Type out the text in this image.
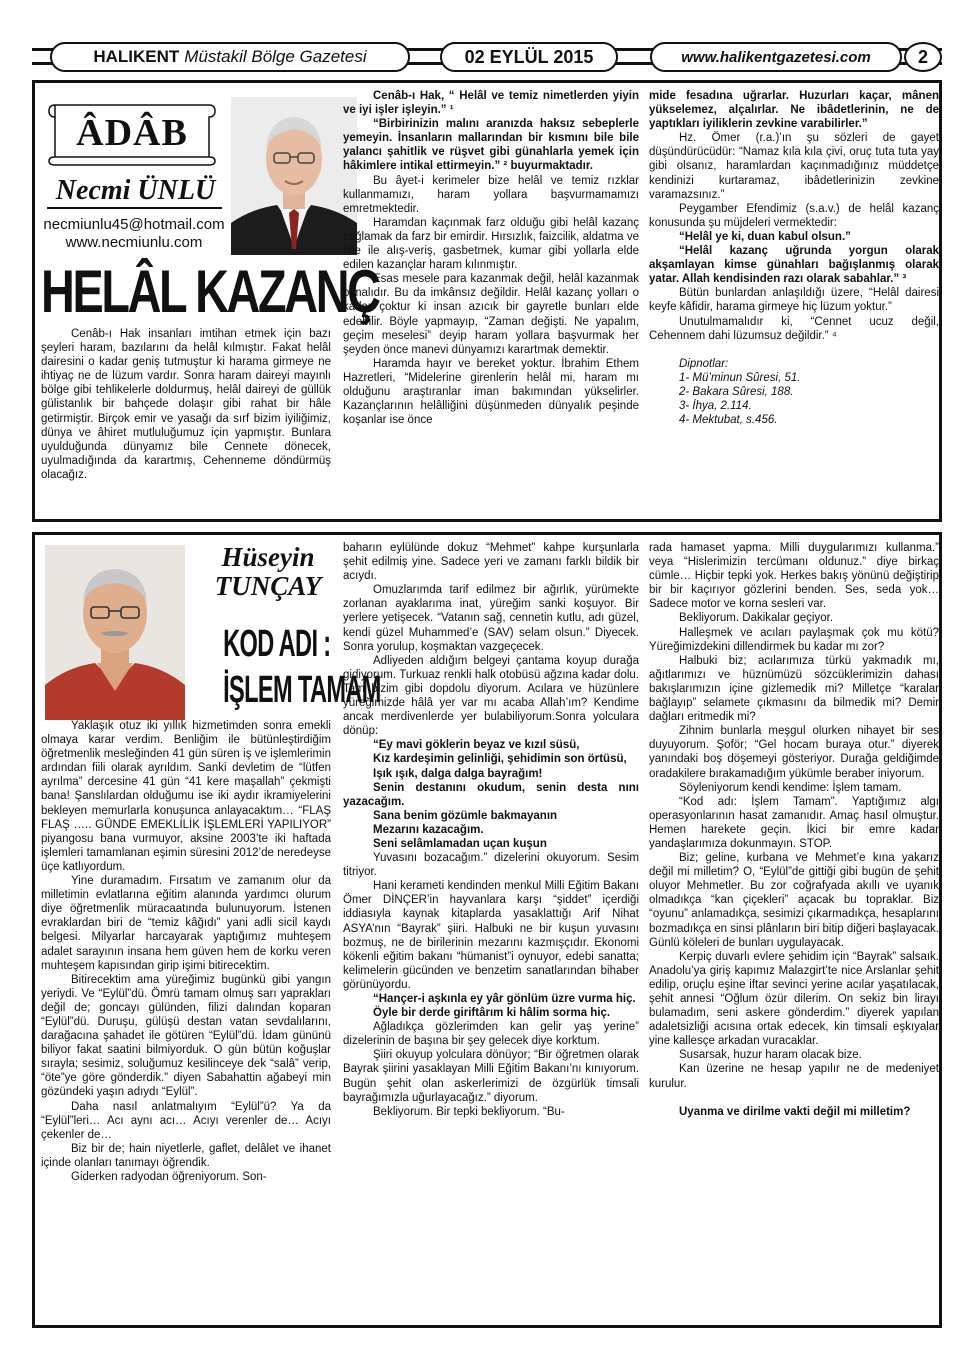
HALIKENT Müstakil Bölge Gazetesi	02 EYLÜL 2015	www.halikentgazetesi.com	2
ÂDÂB
Necmi ÜNLÜ
necmiunlu45@hotmail.com
www.necmiunlu.com
HELÂL KAZANÇ

Cenâb-ı Hak insanları imtihan etmek için bazı şeyleri haram, bazılarını da helâl kılmıştır. Fakat helâl dairesini o kadar geniş tutmuştur ki harama girmeye ne ihtiyaç ne de lüzum vardır. Sonra haram daireyi mayınlı bölge gibi tehlikelerle doldurmuş, helâl daireyi de güllük gülistanlık bir bahçede dolaşır gibi rahat bir hâle getirmiştir. Birçok emir ve yasağı da sırf bizim iyiliğimiz, dünya ve âhiret mutluluğumuz için yapmıştır. Bunlara uyulduğunda dünyamız bile Cennete dönecek, uyulmadığında da karartmış, Cehenneme döndürmüş olacağız.

Cenâb-ı Hak, “ Helâl ve temiz nimetlerden yiyin ve iyi işler işleyin.” ¹

“Birbirinizin malını aranızda haksız sebeplerle yemeyin. İnsanların mallarından bir kısmını bile bile yalancı şahitlik ve rüşvet gibi günahlarla yemek için hâkimlere intikal ettirmeyin.” ² buyurmaktadır.

Bu âyet-i kerimeler bize helâl ve temiz rızklar kullanmamızı, haram yollara başvurmamamızı emretmektedir.

Haramdan kaçınmak farz olduğu gibi helâl kazanç sağlamak da farz bir emirdir. Hırsızlık, faizcilik, aldatma ve hile ile alış-veriş, gasbetmek, kumar gibi yollarla elde edilen kazançlar haram kılınmıştır.

Esas mesele para kazanmak değil, helâl kazanmak olmalıdır. Bu da imkânsız değildir. Helâl kazanç yolları o kadar çoktur ki insan azıcık bir gayretle bunları elde edebilir. Böyle yapmayıp, “Zaman değişti. Ne yapalım, geçim meselesi” deyip haram yollara başvurmak her şeyden önce manevi dünyamızı karartmak demektir.

Haramda hayır ve bereket yoktur. İbrahim Ethem Hazretleri, “Midelerine girenlerin helâl mi, haram mı olduğunu araştıranlar iman bakımından yükselirler. Kazançlarının helâlliğini düşünmeden dünyalık peşinde koşanlar ise önce

mide fesadına uğrarlar. Huzurları kaçar, mânen yükselemez, alçalırlar. Ne ibâdetlerinin, ne de yaptıkları iyiliklerin zevkine varabilirler.”

Hz. Ömer (r.a.)’ın şu sözleri de gayet düşündürücüdür: “Namaz kıla kıla çivi, oruç tuta tuta yay gibi olsanız, haramlardan kaçınmadığınız müddetçe kendinizi kurtaramaz, ibâdetlerinizin zevkine varamazsınız.”

Peygamber Efendimiz (s.a.v.) de helâl kazanç konusunda şu müjdeleri vermektedir:

“Helâl ye ki, duan kabul olsun.”

“Helâl kazanç uğrunda yorgun olarak akşamlayan kimse günahları bağışlanmış olarak yatar. Allah kendisinden razı olarak sabahlar.” ³

Bütün bunlardan anlaşıldığı üzere, “Helâl dairesi keyfe kâfidir, harama girmeye hiç lüzum yoktur.”

Unutulmamalıdır ki, “Cennet ucuz değil, Cehennem dahi lüzumsuz değildir.” ⁴

Dipnotlar:

1- Mü’minun Sûresi, 51.

2- Bakara Sûresi, 188.

3- İhya, 2.114.

4- Mektubat, s.456.

Hüseyin
TUNÇAY
KOD ADI :
İŞLEM TAMAM

Yaklaşık otuz iki yıllık hizmetimden sonra emekli olmaya karar verdim. Benliğim ile bütünleştirdiğim öğretmenlik mesleğinden 41 gün süren iş ve işlemlerimin ardından fiili olarak ayrıldım. Sanki devletim de “lütfen ayrılma” dercesine 41 gün “41 kere maşallah” çekmişti bana! Şanslılardan olduğumu ise iki aydır ikramiyelerini bekleyen memurlarla konuşunca anlayacaktım… “FLAŞ FLAŞ ….. GÜNDE EMEKLİLİK İŞLEMLERİ YAPILIYOR” piyangosu bana vurmuyor, aksine 2003’te iki haftada işlemleri tamamlanan eşimin süresini 2012’de neredeyse üçe katlıyordum.

Yine duramadım. Fırsatım ve zamanım olur da milletimin evlatlarına eğitim alanında yardımcı olurum diye öğretmenlik müracaatında bulunuyorum. İstenen evraklardan biri de “temiz kâğıdı” yani adli sicil kaydı belgesi. Milyarlar harcayarak yaptığımız muhteşem adalet sarayının insana hem güven hem de korku veren muhteşem kapısından girip işimi bitirecektim.

Bitirecektim ama yüreğimiz bugünkü gibi yangın yeriydi. Ve “Eylül”dü. Ömrü tamam olmuş sarı yaprakları değil de; goncayı gülünden, filizi dalından koparan “Eylül”dü. Duruşu, gülüşü destan vatan sevdalılarını, darağacına şahadet ile götüren “Eylül”dü. İdam gününü biliyor fakat saatini bilmiyorduk. O gün bütün koğuşlar sırayla; sesimiz, soluğumuz kesilinceye dek “salâ” verip, “öte”ye göre gönderdik.” diyen Sabahattin ağabeyi min gözündeki yaşın adıydı “Eylül”.

Daha nasıl anlatmalıyım “Eylül”ü? Ya da “Eylül”leri… Acı aynı acı… Acıyı verenler de… Acıyı çekenler de…

Biz bir de; hain niyetlerle, gaflet, delâlet ve ihanet içinde olanları tanımayı öğrendik.

Giderken radyodan öğreniyorum. Son-

baharın eylülünde dokuz “Mehmet” kahpe kurşunlarla şehit edilmiş yine. Sadece yeri ve zamanı farklı bildik bir acıydı.

Omuzlarımda tarif edilmez bir ağırlık, yürümekte zorlanan ayaklarıma inat, yüreğim sanki koşuyor. Bir yerlere yetişecek. “Vatanın sağ, cennetin kutlu, adı güzel, kendi güzel Muhammed’e (SAV) selam olsun.” Diyecek. Sonra yorulup, koşmaktan vazgeçecek.

Adliyeden aldığım belgeyi çantama koyup durağa gidiyorum. Turkuaz renkli halk otobüsü ağzına kadar dolu. Tam bizim gibi dopdolu diyorum. Acılara ve hüzünlere yüreğimizde hâlâ yer var mı acaba Allah’ım? Kendime ancak merdivenlerde yer bulabiliyorum.Sonra yolculara dönüp:

“Ey mavi göklerin beyaz ve kızıl süsü,

Kız kardeşimin gelinliği, şehidimin son örtüsü,

Işık ışık, dalga dalga bayrağım!

Senin destanını okudum, senin desta nını yazacağım.

Sana benim gözümle bakmayanın

Mezarını kazacağım.

Seni selâmlamadan uçan kuşun

Yuvasını bozacağım.” dizelerini okuyorum. Sesim titriyor.

Hani kerameti kendinden menkul Milli Eğitim Bakanı Ömer DİNÇER’in hayvanlara karşı “şiddet” içerdiği iddiasıyla kaynak kitaplarda yasaklattığı Arif Nihat ASYA’nın “Bayrak” şiiri. Halbuki ne bir kuşun yuvasını bozmuş, ne de birilerinin mezarını kazmışçıdır. Ekonomi kökenli eğitim bakanı “hümanist”i oynuyor, edebi sanatta; kelimelerin gücünden ve benzetim sanatlarından bihaber görünüyordu.

“Hançer-i aşkınla ey yâr gönlüm üzre vurma hiç.

Öyle bir derde giriftârım ki hâlim sorma hiç.

Ağladıkça gözlerimden kan gelir yaş yerine” dizelerinin de başına bir şey gelecek diye korktum.

Şiiri okuyup yolculara dönüyor; “Bir öğretmen olarak Bayrak şiirini yasaklayan Milli Eğitim Bakanı’nı kınıyorum. Bugün şehit olan askerlerimizi de özgürlük timsali bayrağımızla uğurlayacağız.” diyorum.

Bekliyorum. Bir tepki bekliyorum. “Bu-

rada hamaset yapma. Milli duygularımızı kullanma.” veya “Hislerimizin tercümanı oldunuz.” diye birkaç cümle… Hiçbir tepki yok. Herkes bakış yönünü değiştirip bir bir kaçırıyor gözlerini benden. Ses, seda yok… Sadece motor ve korna sesleri var.

Bekliyorum. Dakikalar geçiyor.

Halleşmek ve acıları paylaşmak çok mu kötü? Yüreğimizdekini dillendirmek bu kadar mı zor?

Halbuki biz; acılarımıza türkü yakmadık mı, ağıtlarımızı ve hüznümüzü sözcüklerimizin dahası bakışlarımızın içine gizlemedik mi? Milletçe “karalar bağlayıp” selamete çıkmasını da bilmedik mi? Demir dağları eritmedik mi?

Zihnim bunlarla meşgul olurken nihayet bir ses duyuyorum. Şoför; “Gel hocam buraya otur.” diyerek yanındaki boş döşemeyi gösteriyor. Durağa geldiğimde oradakilere bırakamadığım yükümle beraber iniyorum.

Söyleniyorum kendi kendime: İşlem tamam.

“Kod adı: İşlem Tamam”. Yaptığımız algı operasyonlarının hasat zamanıdır. Amaç hasıl olmuştur. Hemen harekete geçin. İkici bir emre kadar yandaşlarımıza dokunmayın. STOP.

Biz; geline, kurbana ve Mehmet’e kına yakarız değil mi milletim? O, “Eylül”de gittiği gibi bugün de şehit oluyor Mehmetler. Bu zor coğrafyada akıllı ve uyanık olmadıkça “kan çiçekleri” açacak bu topraklar. Biz “oyunu” anlamadıkça, sesimizi çıkarmadıkça, hesaplarını bozmadıkça en sinsi plânların biri bitip diğeri başlayacak. Günlü köleleri de bunları uygulayacak.

Kerpiç duvarlı evlere şehidim için “Bayrak” salsaık. Anadolu’ya giriş kapımız Malazgirt’te nice Arslanlar şehit edilip, oruçlu eşine iftar sevinci yerine acılar yaşatılacak, şehit annesi “Oğlum özür dilerim. On sekiz bin lirayı bulamadım, seni askere gönderdim.” diyerek yapılan adaletsizliği acısına ortak edecek, kin timsali eşkıyalar yine kallesçe arkadan vuracaklar.

Susarsak, huzur haram olacak bize.

Kan üzerine ne hesap yapılır ne de medeniyet kurulur.

Uyanma ve dirilme vakti değil mi milletim?
